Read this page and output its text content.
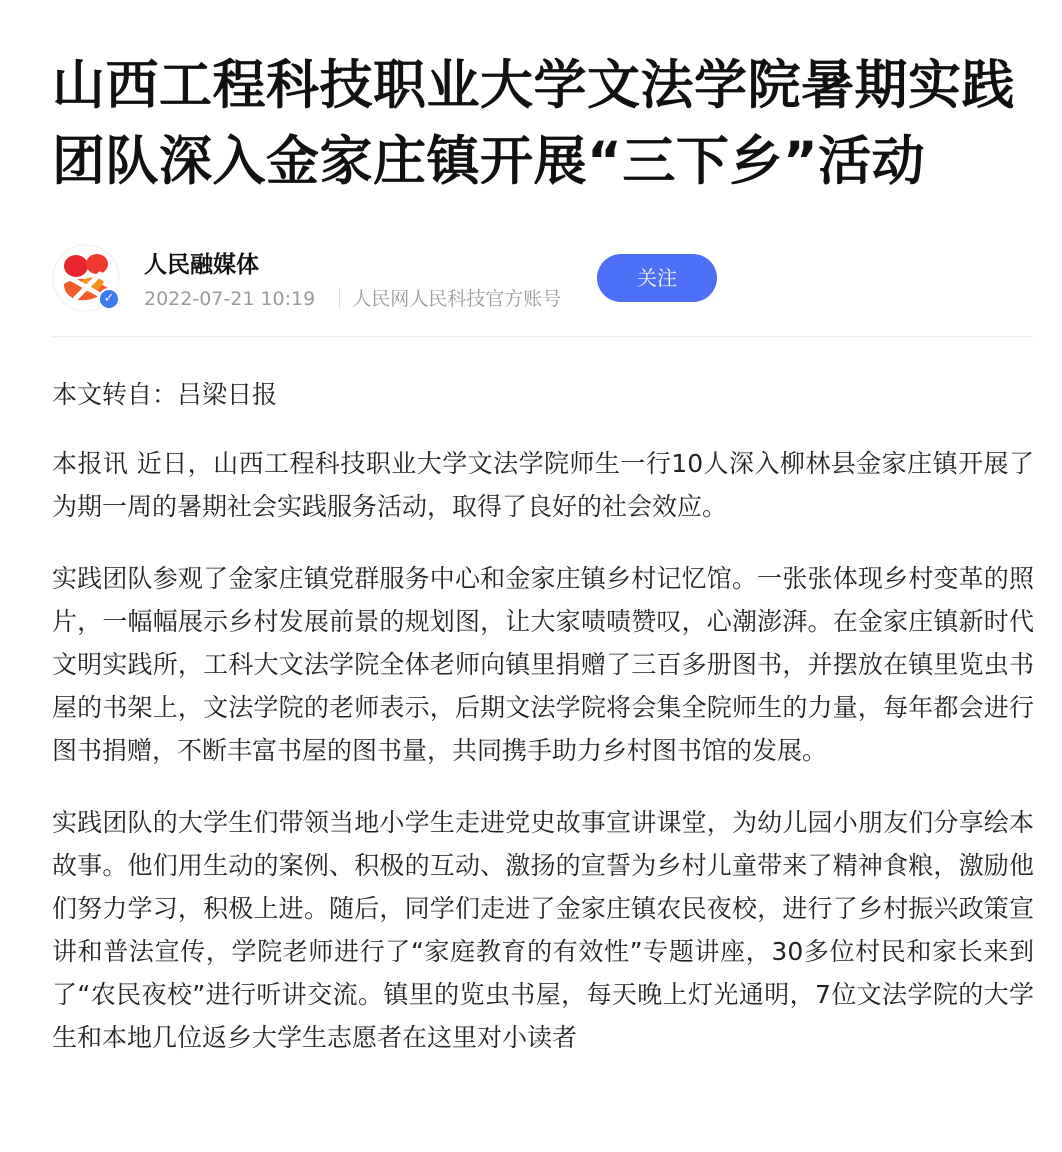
山西工程科技职业大学文法学院暑期实践
团队深入金家庄镇开展“三下乡”活动
✓
人民融媒体
2022-07-21 10:19 人民网人民科技官方账号
关注

本文转自：吕梁日报

本报讯 近日，山西工程科技职业大学文法学院师生一行10人深入柳林县金家庄镇开展了为期一周的暑期社会实践服务活动，取得了良好的社会效应。

实践团队参观了金家庄镇党群服务中心和金家庄镇乡村记忆馆。一张张体现乡村变革的照片，一幅幅展示乡村发展前景的规划图，让大家啧啧赞叹，心潮澎湃。在金家庄镇新时代文明实践所，工科大文法学院全体老师向镇里捐赠了三百多册图书，并摆放在镇里览虫书屋的书架上，文法学院的老师表示，后期文法学院将会集全院师生的力量，每年都会进行图书捐赠，不断丰富书屋的图书量，共同携手助力乡村图书馆的发展。

实践团队的大学生们带领当地小学生走进党史故事宣讲课堂，为幼儿园小朋友们分享绘本故事。他们用生动的案例、积极的互动、激扬的宣誓为乡村儿童带来了精神食粮，激励他们努力学习，积极上进。随后，同学们走进了金家庄镇农民夜校，进行了乡村振兴政策宣讲和普法宣传，学院老师进行了“家庭教育的有效性”专题讲座，30多位村民和家长来到了“农民夜校”进行听讲交流。镇里的览虫书屋，每天晚上灯光通明，7位文法学院的大学生和本地几位返乡大学生志愿者在这里对小读者
